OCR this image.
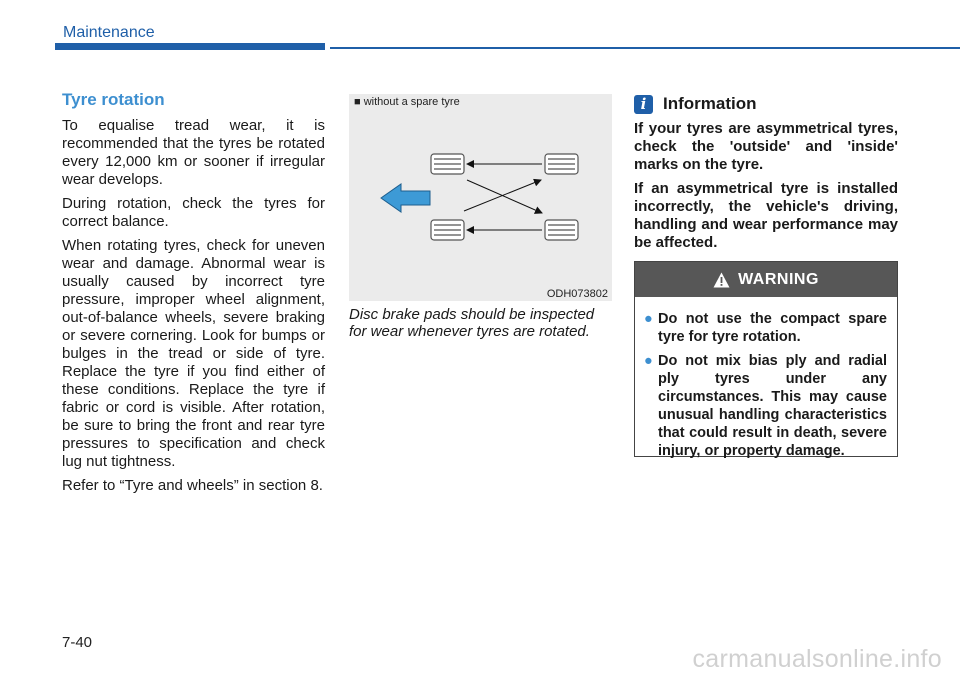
Maintenance
Tyre rotation

To equalise tread wear, it is recommended that the tyres be rotated every 12,000 km or sooner if irregular wear develops.

During rotation, check the tyres for correct balance.

When rotating tyres, check for uneven wear and damage. Abnormal wear is usually caused by incorrect tyre pressure, improper wheel alignment, out-of-balance wheels, severe braking or severe cornering. Look for bumps or bulges in the tread or side of tyre. Replace the tyre if you find either of these conditions. Replace the tyre if fabric or cord is visible. After rotation, be sure to bring the front and rear tyre pressures to specification and check lug nut tightness.

Refer to “Tyre and wheels” in section 8.

■ without a spare tyre
ODH073802
Disc brake pads should be inspected for wear whenever tyres are rotated.
i Information

If your tyres are asymmetrical tyres, check the 'outside' and 'inside' marks on the tyre.

If an asymmetrical tyre is installed incorrectly, the vehicle's driving, handling and wear performance may be affected.

WARNING
● Do not use the compact spare tyre for tyre rotation.
● Do not mix bias ply and radial ply tyres under any circumstances. This may cause unusual handling characteristics that could result in death, severe injury, or property damage.
7-40
carmanualsonline.info
